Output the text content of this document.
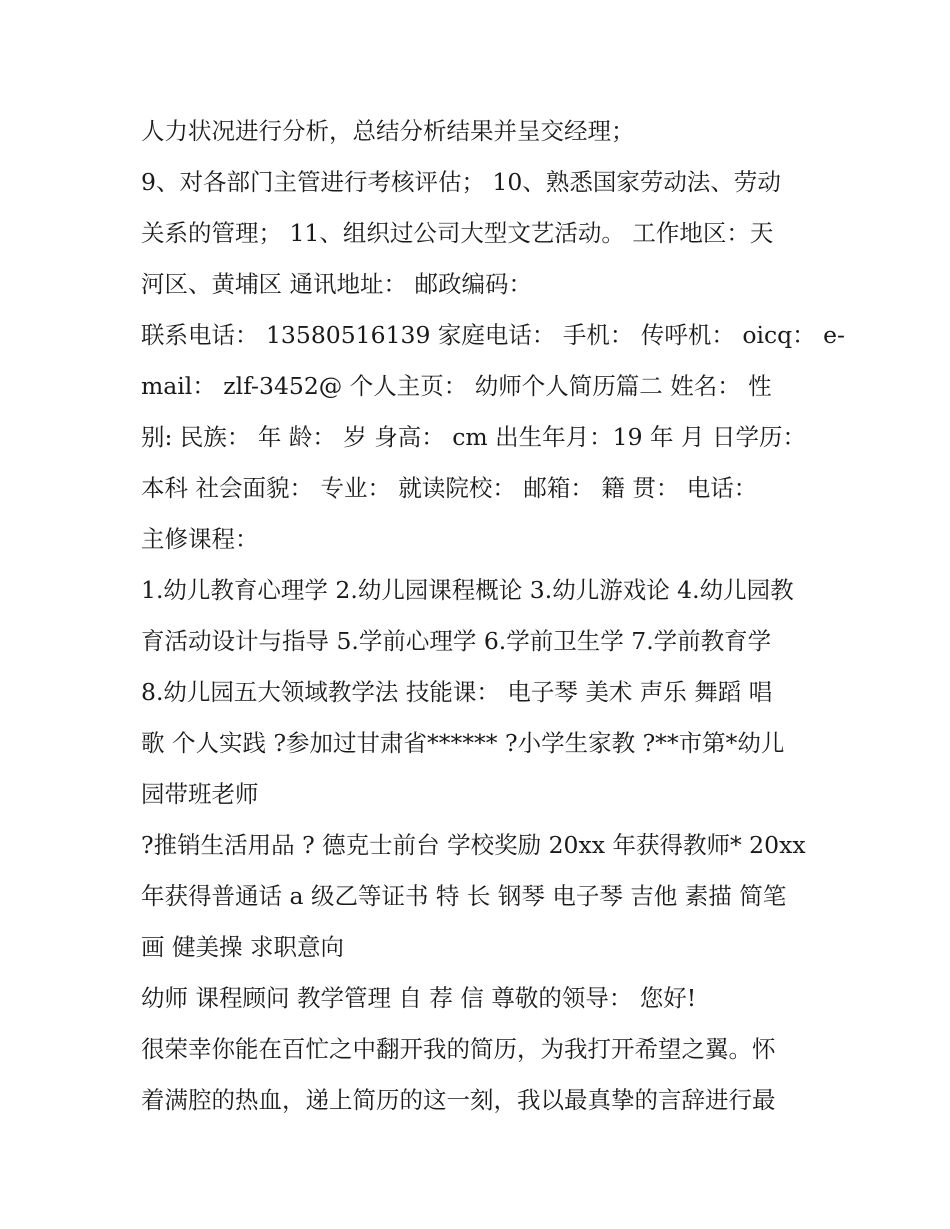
人力状况进行分析，总结分析结果并呈交经理；
9、对各部门主管进行考核评估； 10、熟悉国家劳动法、劳动
关系的管理； 11、组织过公司大型文艺活动。 工作地区：天
河区、黄埔区 通讯地址： 邮政编码：
联系电话： 13580516139 家庭电话： 手机： 传呼机： oicq： e-
mail： zlf-3452@ 个人主页： 幼师个人简历篇二 姓名： 性
别: 民族： 年 龄： 岁 身高： cm 出生年月：19 年 月 日学历：
本科 社会面貌： 专业： 就读院校： 邮箱： 籍 贯： 电话：
主修课程：
1.幼儿教育心理学 2.幼儿园课程概论 3.幼儿游戏论 4.幼儿园教
育活动设计与指导 5.学前心理学 6.学前卫生学 7.学前教育学
8.幼儿园五大领域教学法 技能课： 电子琴 美术 声乐 舞蹈 唱
歌 个人实践 ?参加过甘肃省****** ?小学生家教 ?**市第*幼儿
园带班老师
?推销生活用品 ? 德克士前台 学校奖励 20xx 年获得教师* 20xx
年获得普通话 a 级乙等证书 特 长 钢琴 电子琴 吉他 素描 简笔
画 健美操 求职意向
幼师 课程顾问 教学管理 自 荐 信 尊敬的领导： 您好!
很荣幸你能在百忙之中翻开我的简历，为我打开希望之翼。怀
着满腔的热血，递上简历的这一刻，我以最真挚的言辞进行最
